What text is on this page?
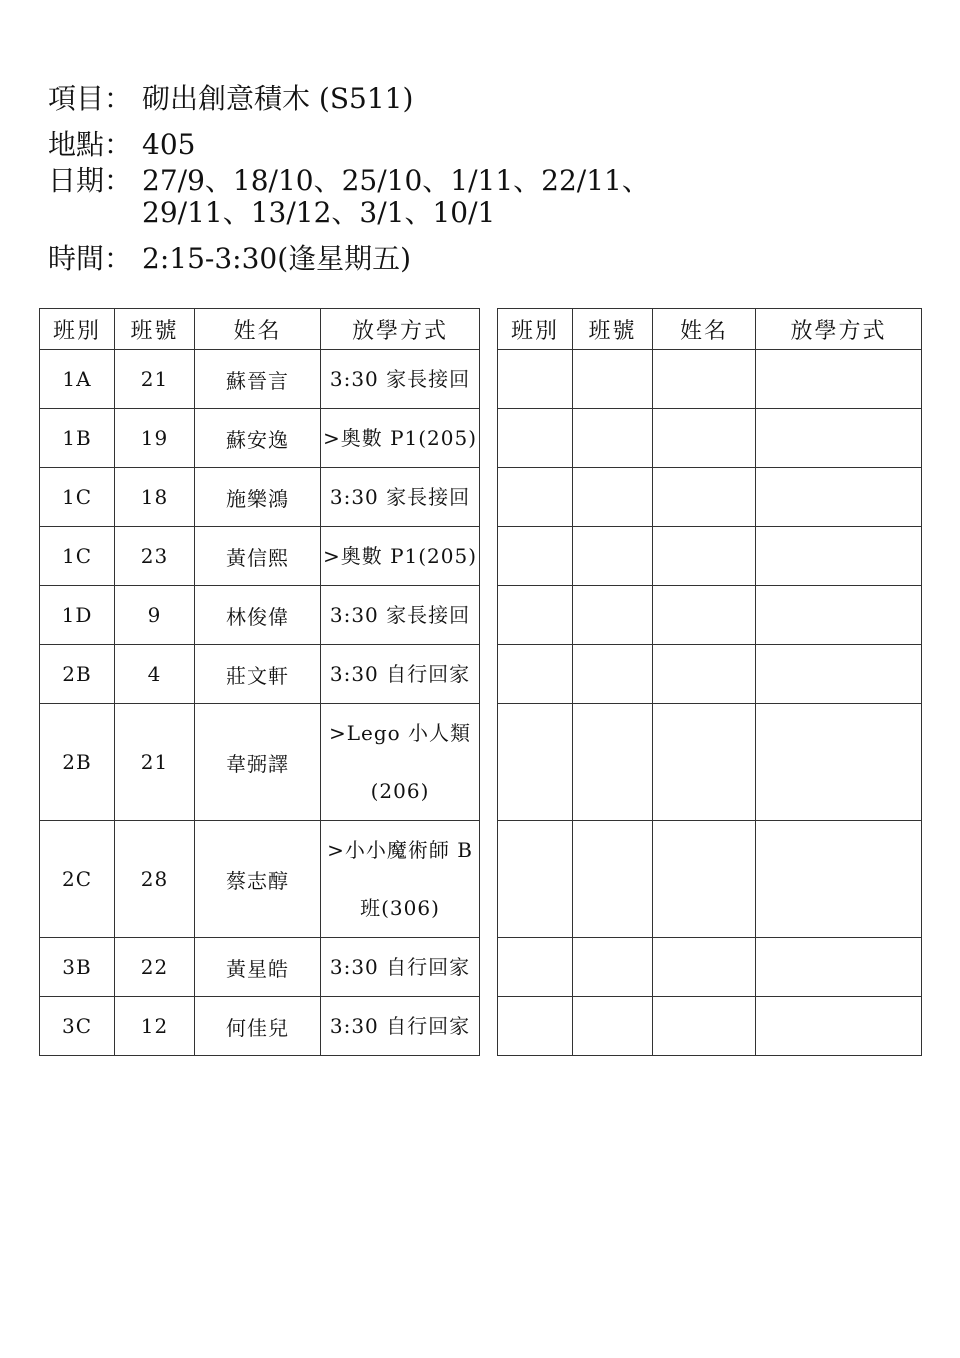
項目： 砌出創意積木 (S511)
地點： 405
日期： 27/9、18/10、25/10、1/11、22/11、
29/11、13/12、3/1、10/1
時間： 2:15-3:30(逢星期五)
班別	班號	姓名	放學方式
1A	21	蘇晉言	3:30 家長接回
1B	19	蘇安逸	>奧數 P1(205)
1C	18	施樂鴻	3:30 家長接回
1C	23	黃信熙	>奧數 P1(205)
1D	9	林俊偉	3:30 家長接回
2B	4	莊文軒	3:30 自行回家
2B	21	韋弼譯	>Lego 小人類
(206)
2C	28	蔡志醇	>小小魔術師 B
班(306)
3B	22	黃星皓	3:30 自行回家
3C	12	何佳兒	3:30 自行回家
班別	班號	姓名	放學方式
